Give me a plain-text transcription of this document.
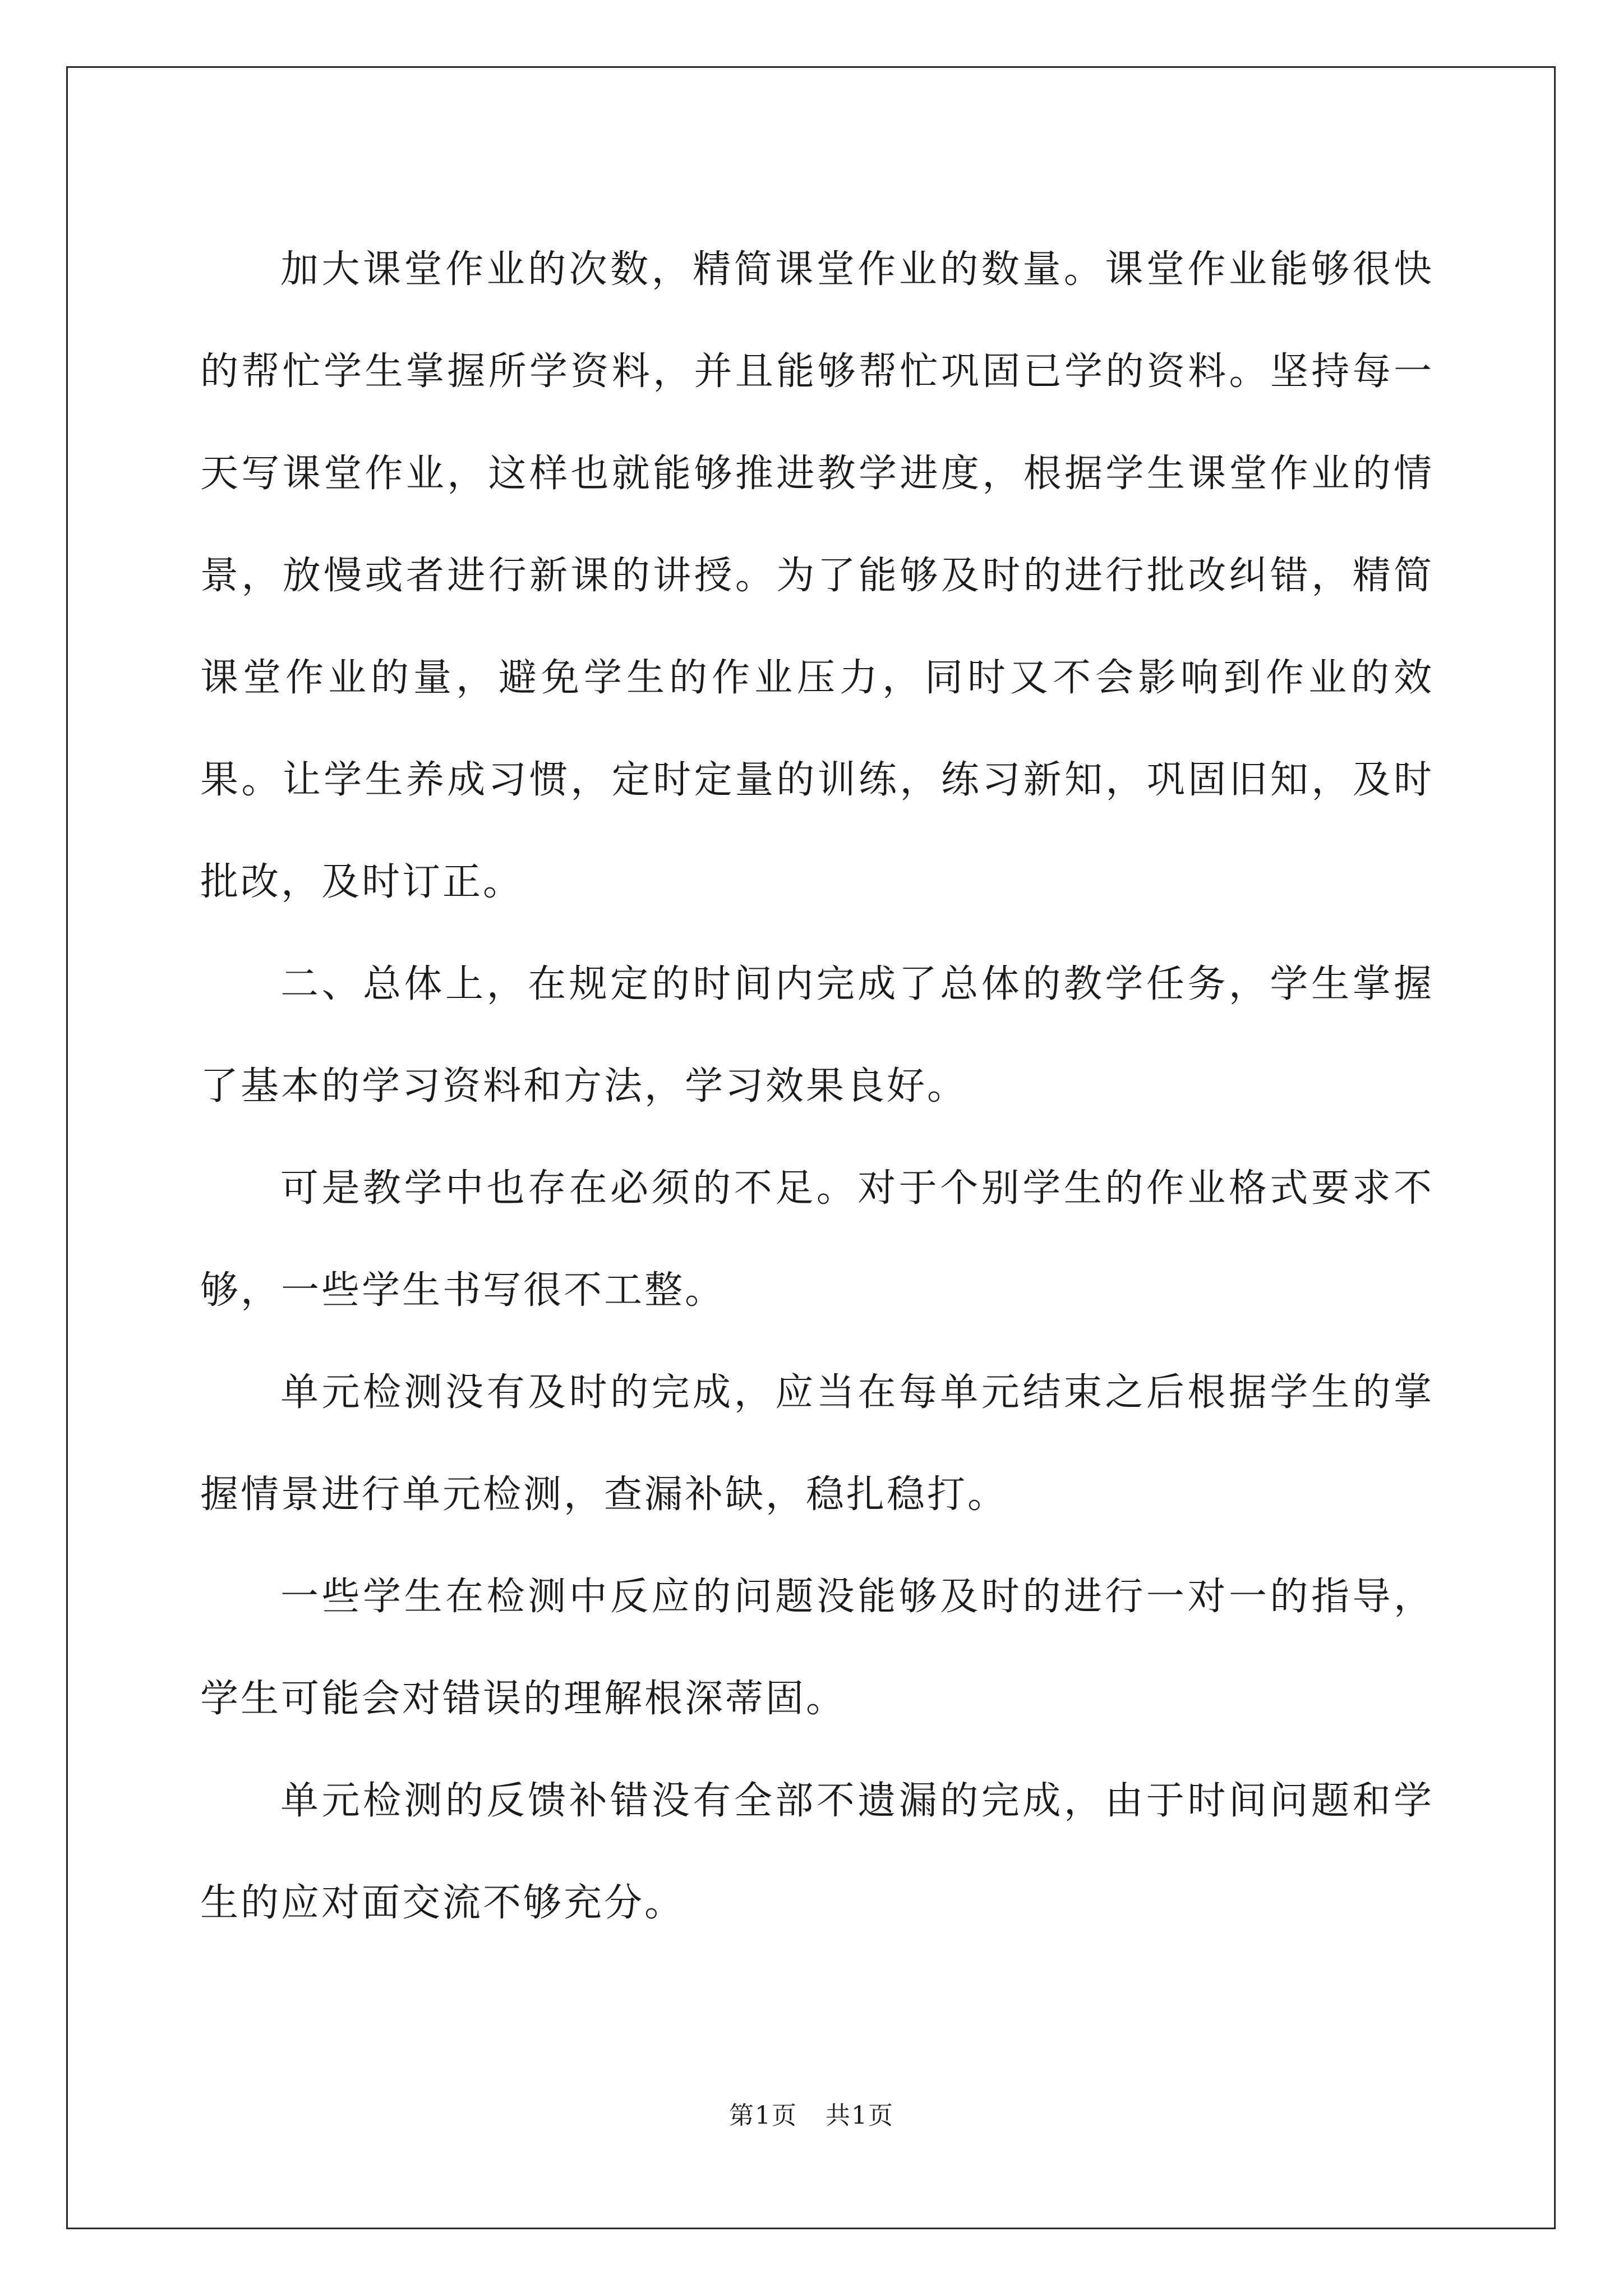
加大课堂作业的次数，精简课堂作业的数量。课堂作业能够很快的帮忙学生掌握所学资料，并且能够帮忙巩固已学的资料。坚持每一天写课堂作业，这样也就能够推进教学进度，根据学生课堂作业的情景，放慢或者进行新课的讲授。为了能够及时的进行批改纠错，精简课堂作业的量，避免学生的作业压力，同时又不会影响到作业的效果。让学生养成习惯，定时定量的训练，练习新知，巩固旧知，及时批改，及时订正。

二、总体上，在规定的时间内完成了总体的教学任务，学生掌握了基本的学习资料和方法，学习效果良好。

可是教学中也存在必须的不足。对于个别学生的作业格式要求不够，一些学生书写很不工整。

单元检测没有及时的完成，应当在每单元结束之后根据学生的掌握情景进行单元检测，查漏补缺，稳扎稳打。

一些学生在检测中反应的问题没能够及时的进行一对一的指导，学生可能会对错误的理解根深蒂固。

单元检测的反馈补错没有全部不遗漏的完成，由于时间问题和学生的应对面交流不够充分。

第1页 共1页
